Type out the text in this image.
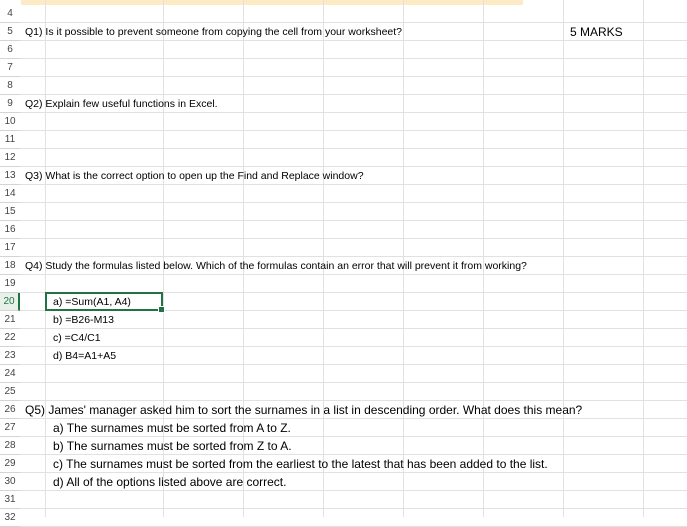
4
5	Q1) Is it possible to prevent someone from copying the cell from your worksheet?	5 MARKS
6
7
8
9	Q2) Explain few useful functions in Excel.
10
11
12
13 Q3) What is the correct option to open up the Find and Replace window?
14
15
16
17
18 Q4) Study the formulas listed below. Which of the formulas contain an error that will prevent it from working?
19
20	a) =Sum(A1, A4)
21	b) =B26-M13
22	c) =C4/C1
23	d) B4=A1+A5
24
25
26 Q5) James' manager asked him to sort the surnames in a list in descending order. What does this mean?
27	a) The surnames must be sorted from A to Z.
28	b) The surnames must be sorted from Z to A.
29	c) The surnames must be sorted from the earliest to the latest that has been added to the list.
30	d) All of the options listed above are correct.
31
32
